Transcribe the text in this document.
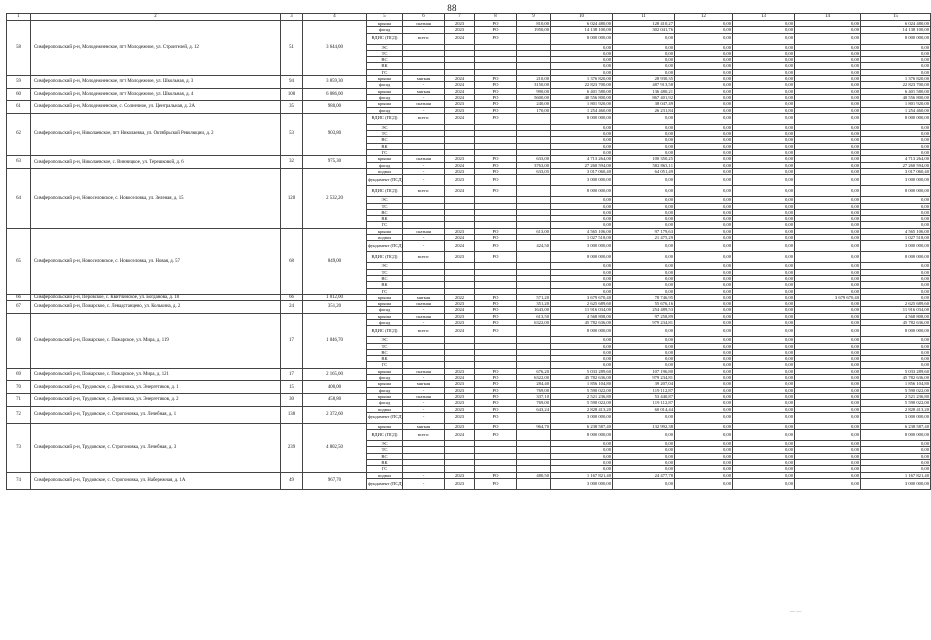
88
1	2	3	4	5	6	7	8	9	10	11	12	13	14	15
58	Симферопольский р-н, Молодежненское, пгт Молодежное, ул. Строителей, д. 12	51	3 644,00	крыша	скатная	2023	РО	810,00	6 024 480,00	128 410,27	0,00	0,00	0,00	6 024 480,00
				фасад	-	2023	РО	1950,00	14 138 100,00	302 041,76	0,00	0,00	0,00	14 138 100,00
				ВДИС (ПСД)	всего:	2024	РО		8 000 000,00	0,00	0,00	0,00	0,00	8 000 000,00
				ЭС					0,00	0,00	0,00	0,00	0,00	0,00
				ТС					0,00	0,00	0,00	0,00	0,00	0,00
				ВС					0,00	0,00	0,00	0,00	0,00	0,00
				ВК					0,00	0,00	0,00	0,00	0,00	0,00
				ГС					0,00	0,00	0,00	0,00	0,00	0,00
59	Симферопольский р-н, Молодежненское, пгт Молодежное, ул. Школьная, д. 3	94	3 859,30	крыша	мягкая	2024	РО	210,00	1 376 820,00	28 930,35	0,00	0,00	0,00	1 376 820,00
				фасад	-	2024	РО	3150,00	22 823 700,00	487 913,58	0,00	0,00	0,00	22 823 700,00
60	Симферопольский р-н, Молодежненское, пгт Молодежное, ул. Школьная, д. 4	108	6 086,00	крыша	мягкая	2024	РО	990,00	6 401 580,00	136 480,21	0,00	0,00	0,00	6 401 580,00
				фасад	-	2024	РО	5600,00	40 556 800,00	867 401,92	0,00	0,00	0,00	40 556 800,00
61	Симферопольский р-н, Молодежненское, с. Солнечное, ул. Центральная, д. 2А	35	980,00	крыша	скатная	2023	РО	240,00	1 801 920,00	38 047,49	0,00	0,00	0,00	1 801 920,00
				фасад	-	2023	РО	170,00	1 254 460,00	26 231,84	0,00	0,00	0,00	1 254 460,00
62	Симферопольский р-н, Николаевское, пгт Николаевка, ул. Октябрьской Революции, д. 2	53	903,80	ВДИС (ПСД)	всего:	2024	РО		8 000 000,00	0,00	0,00	0,00	0,00	8 000 000,00
				ЭС					0,00	0,00	0,00	0,00	0,00	0,00
				ТС					0,00	0,00	0,00	0,00	0,00	0,00
				ВС					0,00	0,00	0,00	0,00	0,00	0,00
				ВК					0,00	0,00	0,00	0,00	0,00	0,00
				ГС					0,00	0,00	0,00	0,00	0,00	0,00
63	Симферопольский р-н, Николаевское, с. Винницкое, ул. Терешковой, д. 6	32	975,30	крыша	скатная	2023	РО	633,00	4 713 264,00	100 350,25	0,00	0,00	0,00	4 713 264,00
				фасад	-	2024	РО	3763,00	27 260 594,00	582 863,11	0,00	0,00	0,00	27 260 594,00
64	Симферопольский р-н, Новоселовское, с. Новоселовка, ул. Зеленая, д. 15	120	2 532,20	подвал	-	2023	РО	633,05	3 017 060,40	64 051,49	0,00	0,00	0,00	3 017 060,40
				фундамент (ПСД)	-	2023	РО		3 000 000,00	0,00	0,00	0,00	0,00	3 000 000,00
				ВДИС (ПСД)	всего:	2024	РО		8 000 000,00	0,00	0,00	0,00	0,00	8 000 000,00
				ЭС					0,00	0,00	0,00	0,00	0,00	0,00
				ТС					0,00	0,00	0,00	0,00	0,00	0,00
				ВС					0,00	0,00	0,00	0,00	0,00	0,00
				ВК					0,00	0,00	0,00	0,00	0,00	0,00
				ГС					0,00	0,00	0,00	0,00	0,00	0,00
65	Симферопольский р-н, Новоселовское, с. Новоселовка, ул. Новая, д. 57	68	849,00	крыша	скатная	2023	РО	613,00	4 565 106,00	97 179,63	0,00	0,00	0,00	4 565 106,00
				подвал	-	2024	РО		1 027 518,00	21 475,29	0,00	0,00	0,00	1 027 518,00
				фундамент (ПСД)	-	2024	РО	424,50	3 000 000,00	0,00	0,00	0,00	0,00	3 000 000,00
				ВДИС (ПСД)	всего:	2023	РО		8 000 000,00	0,00	0,00	0,00	0,00	8 000 000,00
				ЭС					0,00	0,00	0,00	0,00	0,00	0,00
				ТС					0,00	0,00	0,00	0,00	0,00	0,00
				ВС					0,00	0,00	0,00	0,00	0,00	0,00
				ВК					0,00	0,00	0,00	0,00	0,00	0,00
				ГС					0,00	0,00	0,00	0,00	0,00	0,00
66	Симферопольский р-н, Перовское, с. Квитчинское, ул. Богданова, д. 18	66	1 012,00	крыша	мягкая	2022	РО	571,20	3 679 670,40	78 746,95	0,00	0,00	3 679 670,40	0,00
67	Симферопольский р-н, Пожарское, с. Левадстанцево, ул. Колькина, д. 2	24	351,20	крыша	скатная	2023	РО	351,20	2 625 689,60	55 676,16	0,00	0,00	0,00	2 625 689,60
				фасад	-	2024	РО	1643,00	11 916 034,00	254 489,53	0,00	0,00	0,00	11 916 034,00
68	Симферопольский р-н, Пожарское, с. Пожарское, ул. Мира, д. 119	17	1 046,70	крыша	скатная	2023	РО	613,50	4 568 808,00	97 258,89	0,00	0,00	0,00	4 568 808,00
				фасад	-	2023	РО	6322,00	45 782 636,00	979 234,81	0,00	0,00	0,00	45 782 636,00
				ВДИС (ПСД)	всего:	2024	РО		8 000 000,00	0,00	0,00	0,00	0,00	8 000 000,00
				ЭС					0,00	0,00	0,00	0,00	0,00	0,00
				ТС					0,00	0,00	0,00	0,00	0,00	0,00
				ВС					0,00	0,00	0,00	0,00	0,00	0,00
				ВК					0,00	0,00	0,00	0,00	0,00	0,00
				ГС					0,00	0,00	0,00	0,00	0,00	0,00
69	Симферопольский р-н, Пожарское, с. Пожарское, ул. Мира, д. 121	17	2 165,00	крыша	скатная	2023	РО	676,20	5 033 289,60	107 196,80	0,00	0,00	0,00	5 033 289,60
				фасад	-	2024	РО	6322,00	45 782 636,00	979 234,81	0,00	0,00	0,00	45 782 636,00
70	Симферопольский р-н, Трудовское, с. Денисовка, ул. Энергетиков, д. 1	15	400,00	крыша	мягкая	2023	РО	284,40	1 856 104,80	39 207,04	0,00	0,00	0,00	1 856 104,80
				фасад	-	2023	РО	769,00	5 590 022,00	119 112,87	0,00	0,00	0,00	5 590 022,00
71	Симферопольский р-н, Трудовское, с. Денисовка, ул. Энергетиков, д. 2	30	458,80	крыша	скатная	2023	РО	337,10	2 521 236,80	53 440,87	0,00	0,00	0,00	2 521 236,80
				фасад	-	2023	РО	769,00	5 590 022,00	119 112,87	0,00	0,00	0,00	5 590 022,00
72	Симферопольский р-н, Трудовское, с. Строгоновка, ул. Лечебная, д. 1	138	2 372,60	подвал	-	2023	РО	643,24	2 828 413,20	60 014,44	0,00	0,00	0,00	2 828 413,20
				фундамент (ПСД)	-	2023	РО		3 000 000,00	0,00	0,00	0,00	0,00	3 000 000,00
73	Симферопольский р-н, Трудовское, с. Строгоновка, ул. Лечебная, д. 3	239	4 802,50	крыша	мягкая	2023	РО	964,70	6 238 587,40	132 992,38	0,00	0,00	0,00	6 238 587,40
				ВДИС (ПСД)	всего:	2024	РО		8 000 000,00	0,00	0,00	0,00	0,00	8 000 000,00
				ЭС					0,00	0,00	0,00	0,00	0,00	0,00
				ТС					0,00	0,00	0,00	0,00	0,00	0,00
				ВС					0,00	0,00	0,00	0,00	0,00	0,00
				ВК					0,00	0,00	0,00	0,00	0,00	0,00
				ГС					0,00	0,00	0,00	0,00	0,00	0,00
74	Симферопольский р-н, Трудовское, с. Строгоновка, ул. Набережная, д. 1А	49	967,70	подвал	-	2023	РО	480,50	1 167 821,40	24 477,78	0,00	0,00	0,00	1 167 821,40
				фундамент (ПСД)	-	2023	РО		3 000 000,00	0,00	0,00	0,00	0,00	3 000 000,00
— —
